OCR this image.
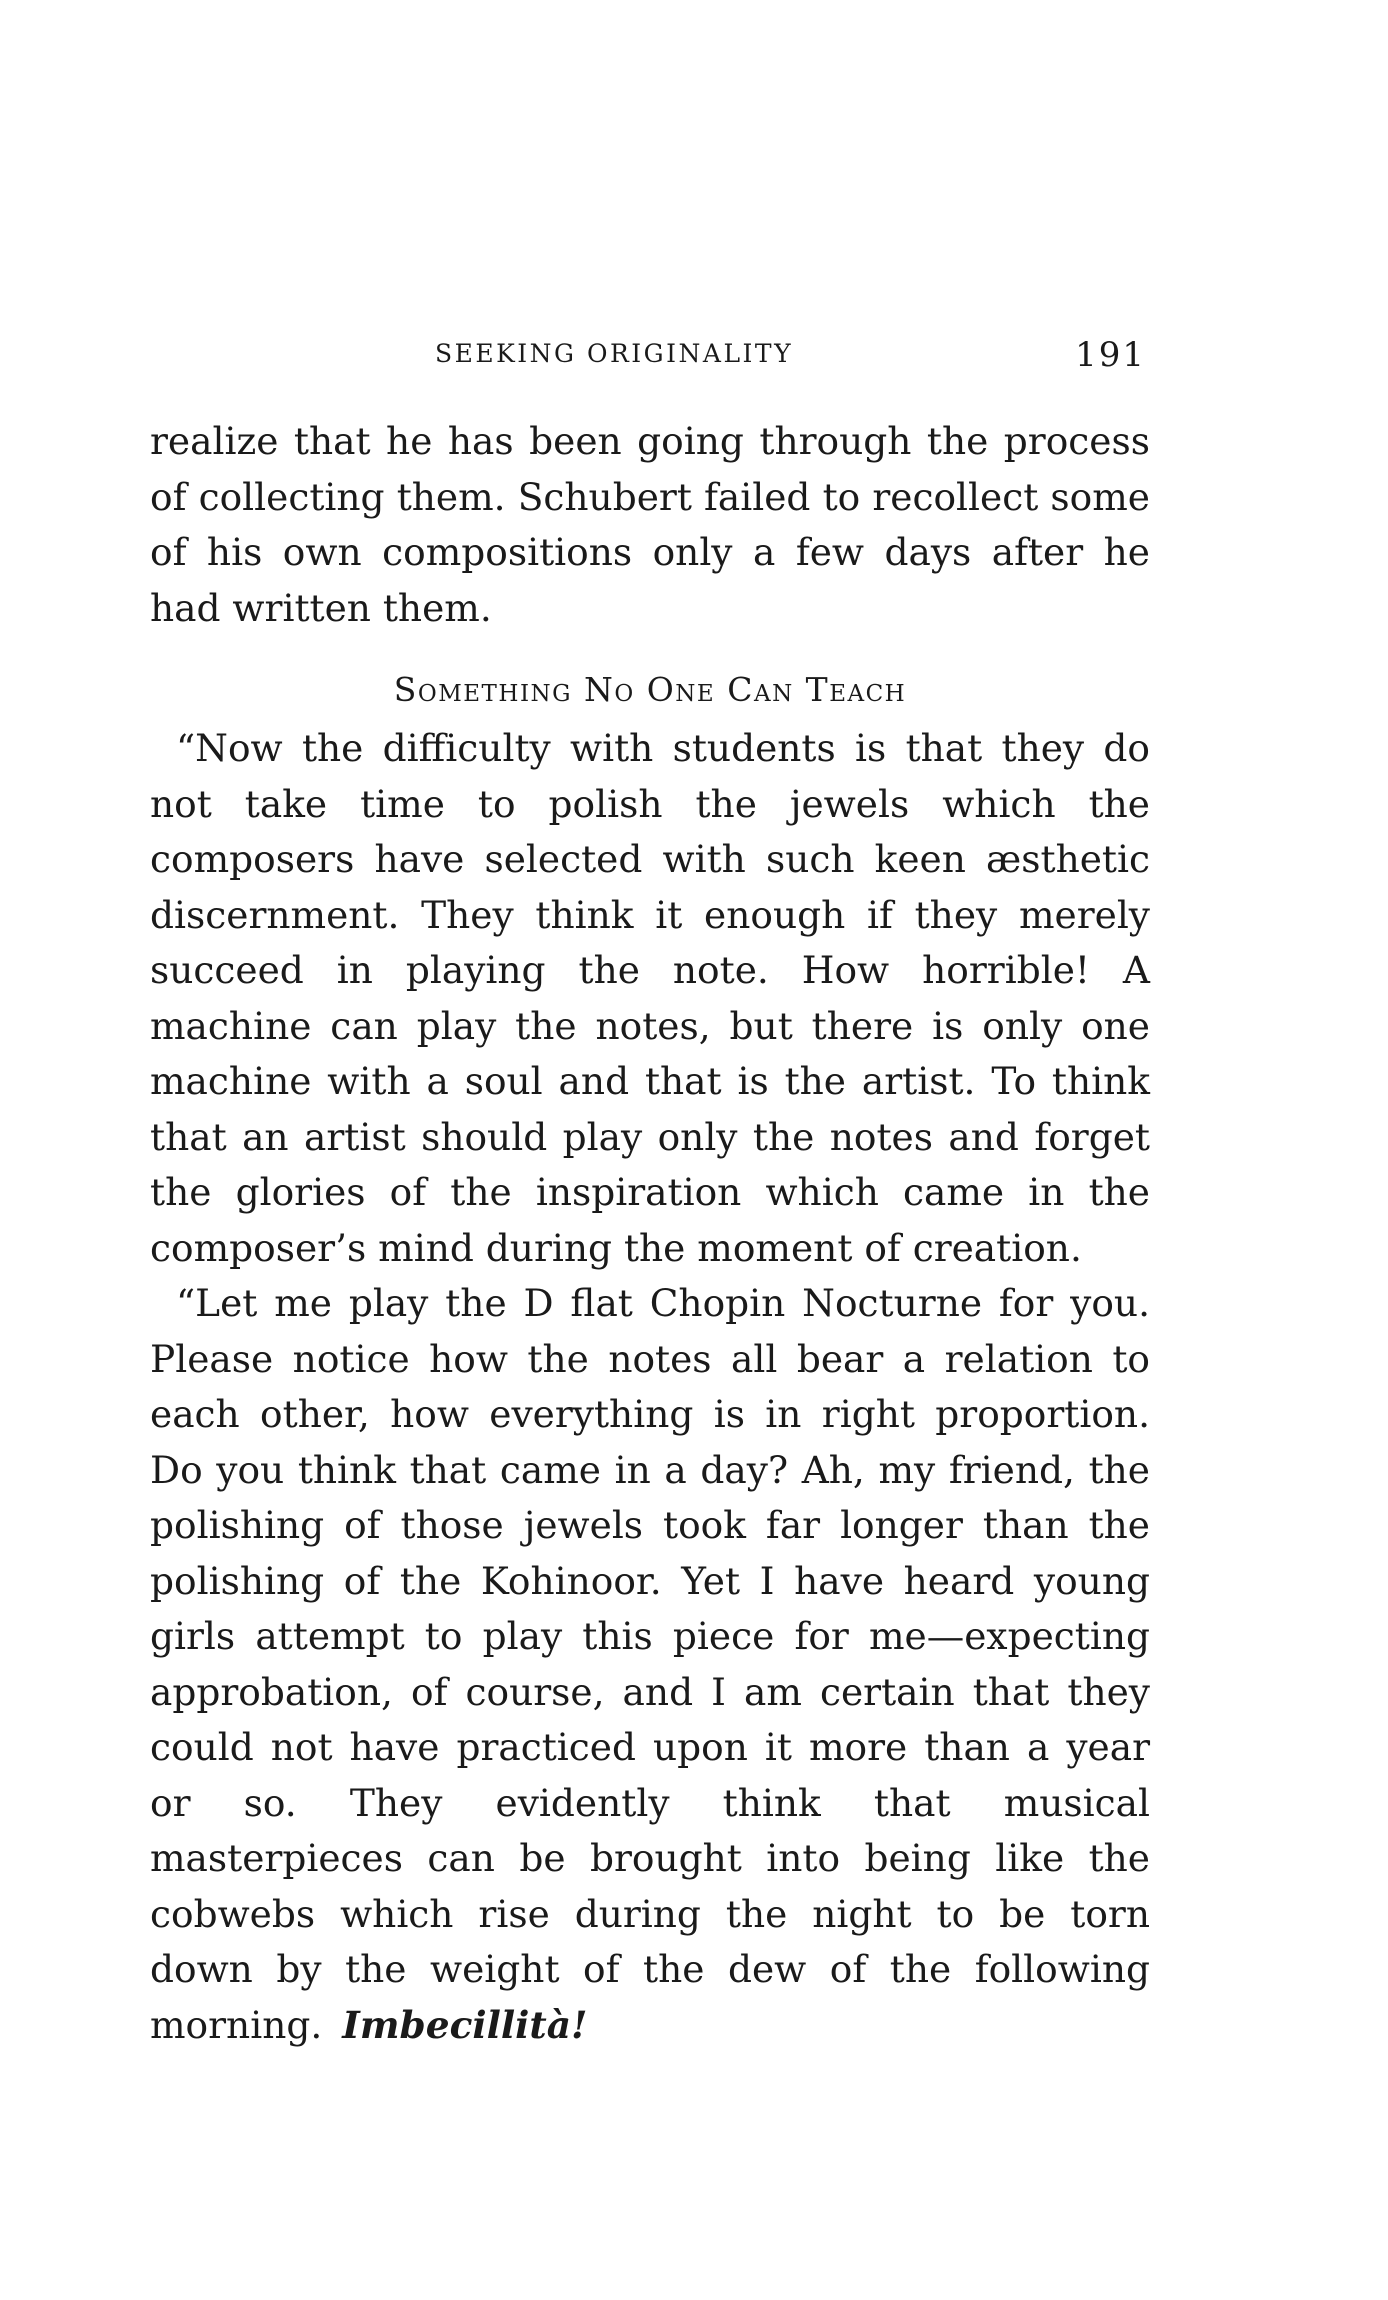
SEEKING ORIGINALITY	191

realize that he has been going through the process of collecting them. Schubert failed to recollect some of his own compositions only a few days after he had written them.

Something No One Can Teach

“Now the difficulty with students is that they do not take time to polish the jewels which the composers have selected with such keen æsthetic discernment. They think it enough if they merely succeed in playing the note. How horrible! A machine can play the notes, but there is only one machine with a soul and that is the artist. To think that an artist should play only the notes and forget the glories of the inspiration which came in the composer’s mind during the moment of creation.

“Let me play the D flat Chopin Nocturne for you. Please notice how the notes all bear a relation to each other, how everything is in right proportion. Do you think that came in a day? Ah, my friend, the polishing of those jewels took far longer than the polishing of the Kohinoor. Yet I have heard young girls attempt to play this piece for me—expecting approbation, of course, and I am certain that they could not have practiced upon it more than a year or so. They evidently think that musical masterpieces can be brought into being like the cobwebs which rise during the night to be torn down by the weight of the dew of the following morning. Imbecillità!
